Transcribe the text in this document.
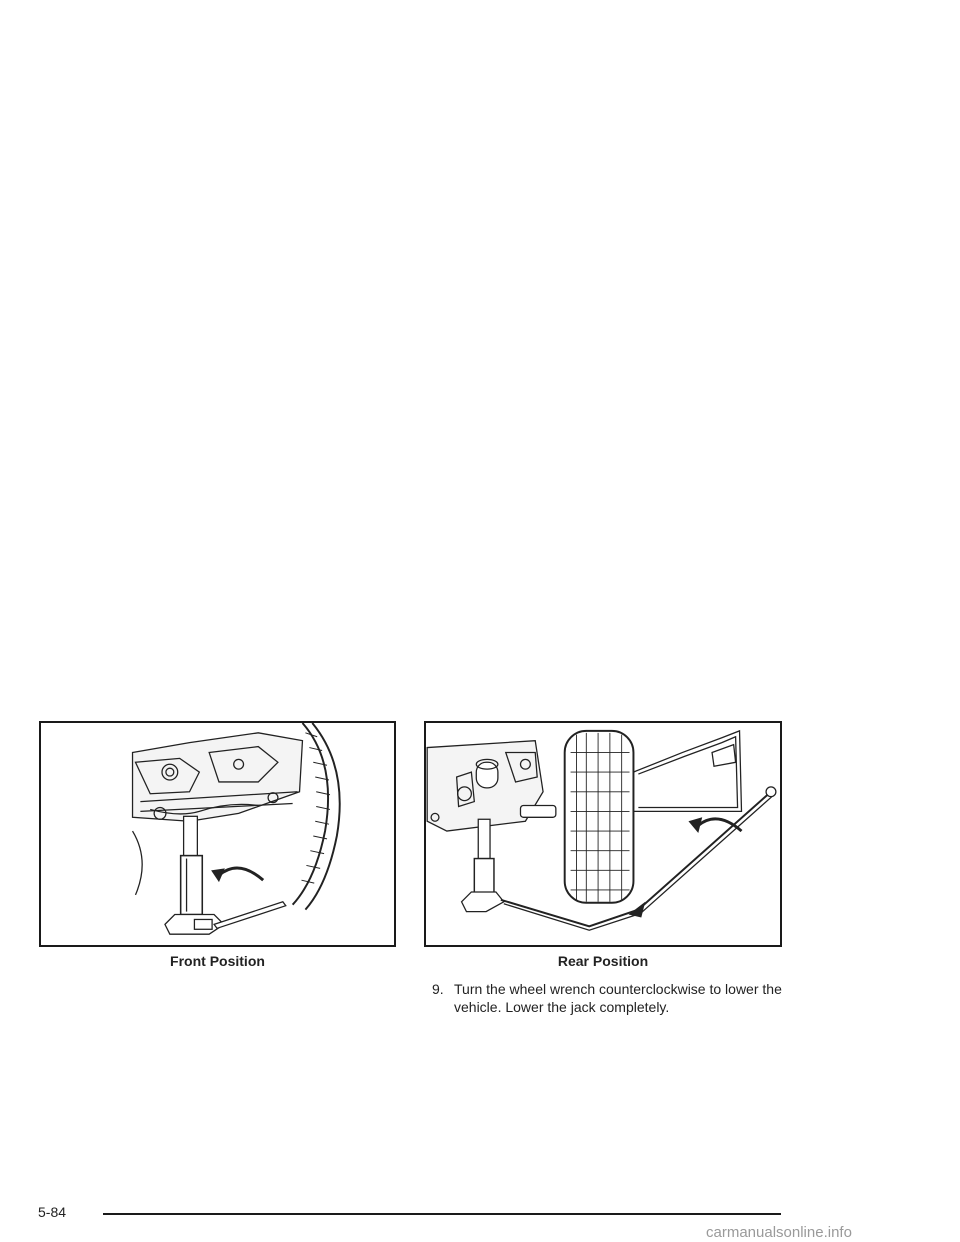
Front Position	Rear Position
9. Turn the wheel wrench counterclockwise to lower the vehicle. Lower the jack completely.
5-84
carmanualsonline.info
